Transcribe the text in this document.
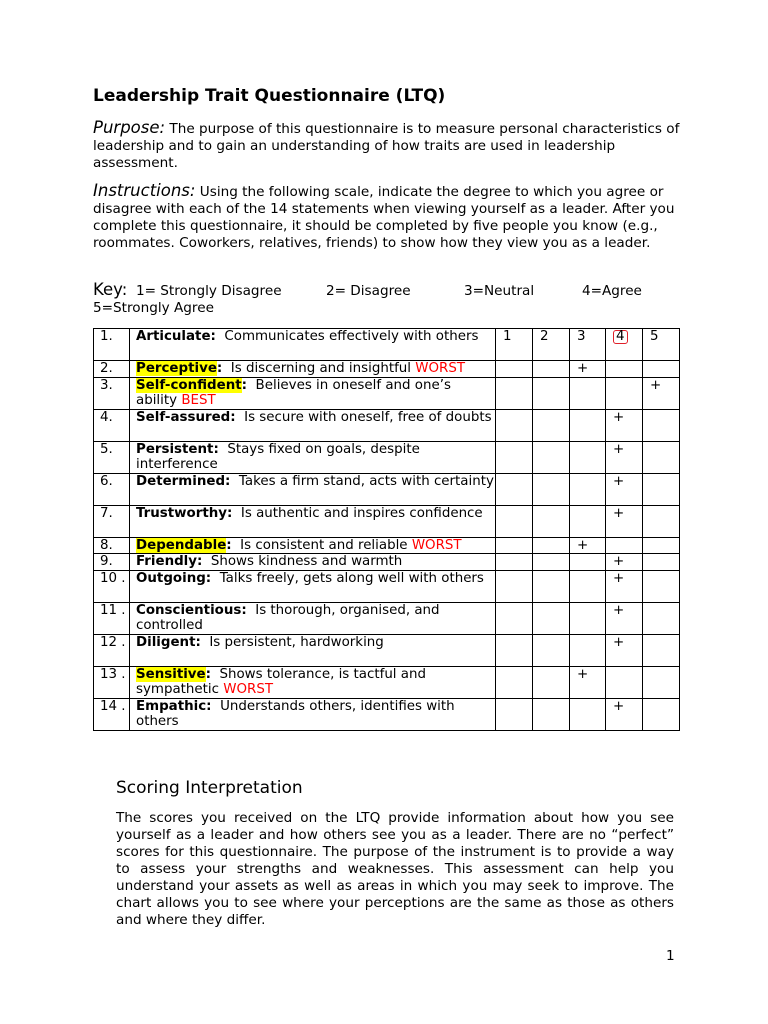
Leadership Trait Questionnaire (LTQ)
Purpose: The purpose of this questionnaire is to measure personal characteristics of leadership and to gain an understanding of how traits are used in leadership assessment.
Instructions: Using the following scale, indicate the degree to which you agree or disagree with each of the 14 statements when viewing yourself as a leader. After you complete this questionnaire, it should be completed by five people you know (e.g., roommates. Coworkers, relatives, friends) to show how they view you as a leader.
Key: 1= Strongly Disagree	2= Disagree	3=Neutral	4=Agree
5=Strongly Agree
1.	Articulate: Communicates effectively with others	1	2	3	4	5
2.	Perceptive: Is discerning and insightful WORST			+		
3.	Self-confident: Believes in oneself and one’s ability BEST					+
4.	Self-assured: Is secure with oneself, free of doubts				+	
5.	Persistent: Stays fixed on goals, despite interference				+	
6.	Determined: Takes a firm stand, acts with certainty				+	
7.	Trustworthy: Is authentic and inspires confidence				+	
8.	Dependable: Is consistent and reliable WORST			+		
9.	Friendly: Shows kindness and warmth				+	
10 .	Outgoing: Talks freely, gets along well with others				+	
11 .	Conscientious: Is thorough, organised, and controlled				+	
12 .	Diligent: Is persistent, hardworking				+	
13 .	Sensitive: Shows tolerance, is tactful and sympathetic WORST			+		
14 .	Empathic: Understands others, identifies with others				+	
Scoring Interpretation
The scores you received on the LTQ provide information about how you see yourself as a leader and how others see you as a leader. There are no “perfect” scores for this questionnaire. The purpose of the instrument is to provide a way to assess your strengths and weaknesses. This assessment can help you understand your assets as well as areas in which you may seek to improve. The chart allows you to see where your perceptions are the same as those as others and where they differ.
1
